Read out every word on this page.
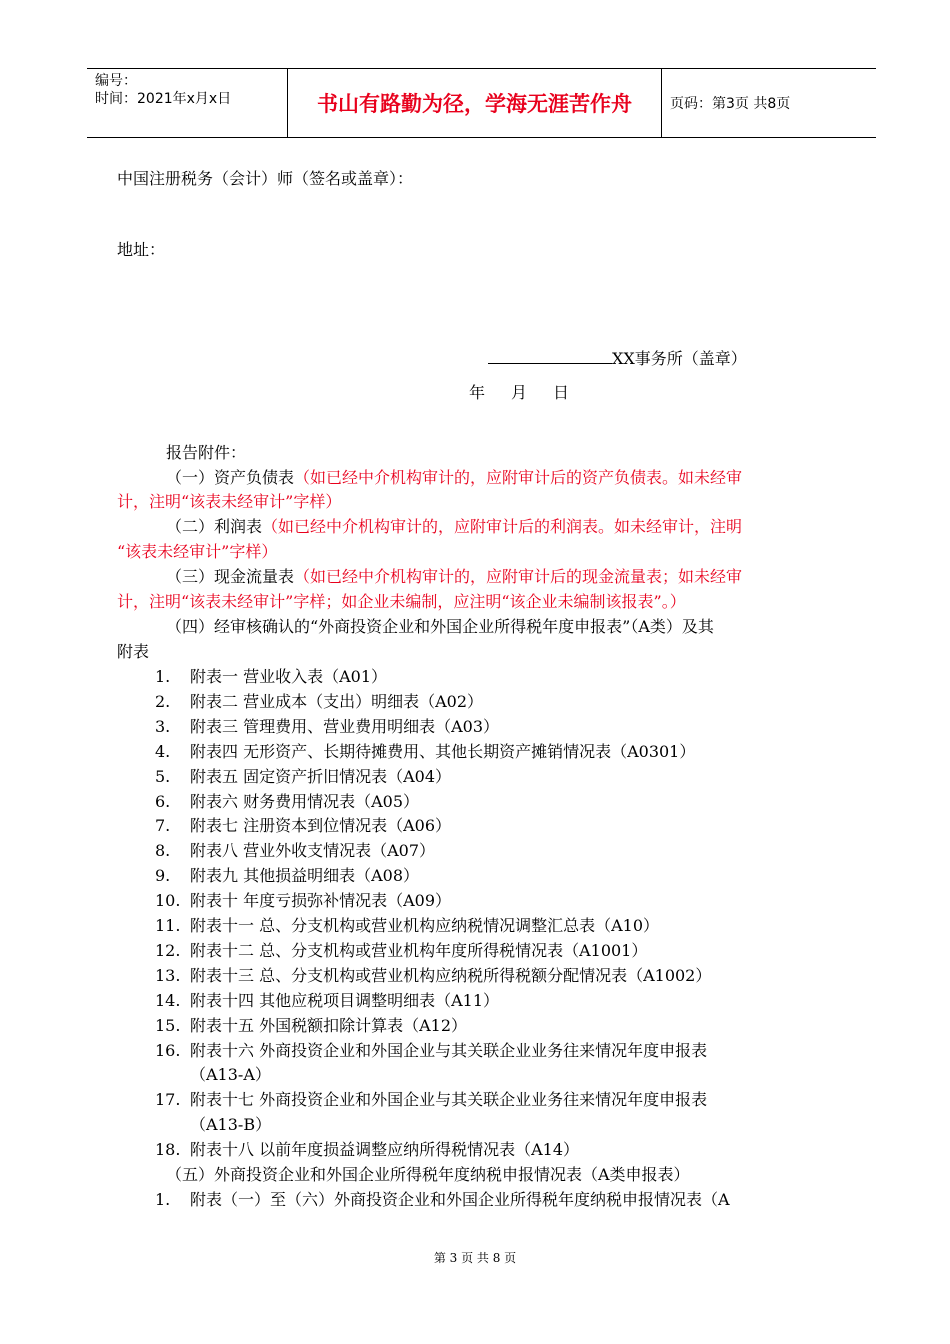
编号：
时间：2021年x月x日	书山有路勤为径，学海无涯苦作舟	页码：第3页 共8页
中国注册税务（会计）师（签名或盖章）：
地址：
XX事务所（盖章）
年 月 日
报告附件：
（一）资产负债表（如已经中介机构审计的，应附审计后的资产负债表。如未经审
计，注明“该表未经审计”字样）
（二）利润表（如已经中介机构审计的，应附审计后的利润表。如未经审计，注明
“该表未经审计”字样）
（三）现金流量表（如已经中介机构审计的，应附审计后的现金流量表；如未经审
计，注明“该表未经审计”字样；如企业未编制，应注明“该企业未编制该报表”。）
（四）经审核确认的“外商投资企业和外国企业所得税年度申报表”（A类）及其
附表
1. 附表一 营业收入表（A01）
2. 附表二 营业成本（支出）明细表（A02）
3. 附表三 管理费用、营业费用明细表（A03）
4. 附表四 无形资产、长期待摊费用、其他长期资产摊销情况表（A0301）
5. 附表五 固定资产折旧情况表（A04）
6. 附表六 财务费用情况表（A05）
7. 附表七 注册资本到位情况表（A06）
8. 附表八 营业外收支情况表（A07）
9. 附表九 其他损益明细表（A08）
10. 附表十 年度亏损弥补情况表（A09）
11. 附表十一 总、分支机构或营业机构应纳税情况调整汇总表（A10）
12. 附表十二 总、分支机构或营业机构年度所得税情况表（A1001）
13. 附表十三 总、分支机构或营业机构应纳税所得税额分配情况表（A1002）
14. 附表十四 其他应税项目调整明细表（A11）
15. 附表十五 外国税额扣除计算表（A12）
16. 附表十六 外商投资企业和外国企业与其关联企业业务往来情况年度申报表
（A13-A）
17. 附表十七 外商投资企业和外国企业与其关联企业业务往来情况年度申报表
（A13-B）
18. 附表十八 以前年度损益调整应纳所得税情况表（A14）
（五）外商投资企业和外国企业所得税年度纳税申报情况表（A类申报表）
1. 附表（一）至（六）外商投资企业和外国企业所得税年度纳税申报情况表（A
第 3 页 共 8 页
